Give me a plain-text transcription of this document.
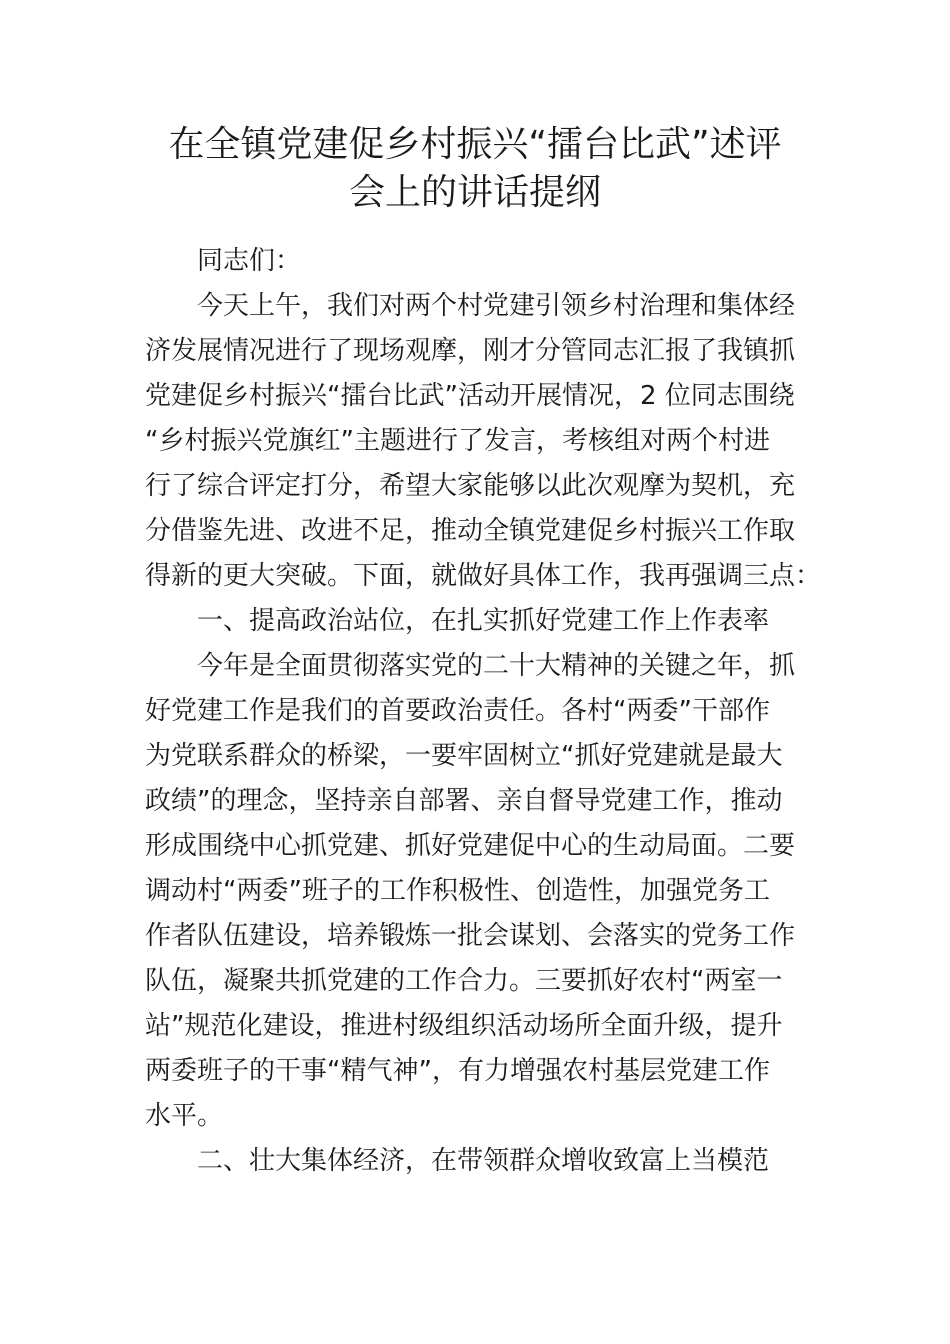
在全镇党建促乡村振兴“擂台比武”述评
会上的讲话提纲
同志们：
今天上午，我们对两个村党建引领乡村治理和集体经
济发展情况进行了现场观摩，刚才分管同志汇报了我镇抓
党建促乡村振兴“擂台比武”活动开展情况，2 位同志围绕
“乡村振兴党旗红”主题进行了发言，考核组对两个村进
行了综合评定打分，希望大家能够以此次观摩为契机，充
分借鉴先进、改进不足，推动全镇党建促乡村振兴工作取
得新的更大突破。下面，就做好具体工作，我再强调三点：
一、提高政治站位，在扎实抓好党建工作上作表率
今年是全面贯彻落实党的二十大精神的关键之年，抓
好党建工作是我们的首要政治责任。各村“两委”干部作
为党联系群众的桥梁，一要牢固树立“抓好党建就是最大
政绩”的理念，坚持亲自部署、亲自督导党建工作，推动
形成围绕中心抓党建、抓好党建促中心的生动局面。二要
调动村“两委”班子的工作积极性、创造性，加强党务工
作者队伍建设，培养锻炼一批会谋划、会落实的党务工作
队伍，凝聚共抓党建的工作合力。三要抓好农村“两室一
站”规范化建设，推进村级组织活动场所全面升级，提升
两委班子的干事“精气神”，有力增强农村基层党建工作
水平。
二、壮大集体经济，在带领群众增收致富上当模范
